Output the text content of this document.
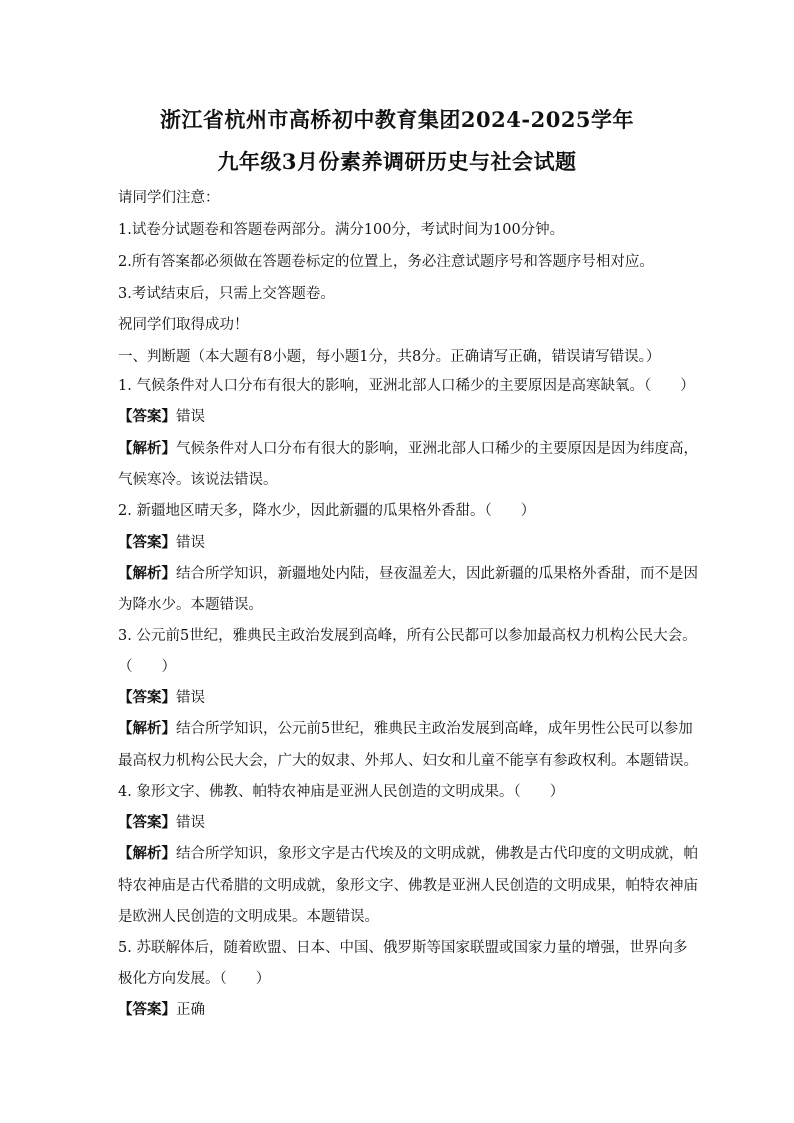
浙江省杭州市高桥初中教育集团2024-2025学年
九年级3月份素养调研历史与社会试题
请同学们注意：
1.试卷分试题卷和答题卷两部分。满分100分，考试时间为100分钟。
2.所有答案都必须做在答题卷标定的位置上，务必注意试题序号和答题序号相对应。
3.考试结束后，只需上交答题卷。
祝同学们取得成功！
一、判断题（本大题有8小题，每小题1分，共8分。正确请写正确，错误请写错误。）
1. 气候条件对人口分布有很大的影响，亚洲北部人口稀少的主要原因是高寒缺氧。（　　）
【答案】错误
【解析】气候条件对人口分布有很大的影响，亚洲北部人口稀少的主要原因是因为纬度高，
气候寒冷。该说法错误。
2. 新疆地区晴天多，降水少，因此新疆的瓜果格外香甜。（　　）
【答案】错误
【解析】结合所学知识，新疆地处内陆，昼夜温差大，因此新疆的瓜果格外香甜，而不是因
为降水少。本题错误。
3. 公元前5世纪，雅典民主政治发展到高峰，所有公民都可以参加最高权力机构公民大会。
（　　）
【答案】错误
【解析】结合所学知识，公元前5世纪，雅典民主政治发展到高峰，成年男性公民可以参加
最高权力机构公民大会，广大的奴隶、外邦人、妇女和儿童不能享有参政权利。本题错误。
4. 象形文字、佛教、帕特农神庙是亚洲人民创造的文明成果。（　　）
【答案】错误
【解析】结合所学知识，象形文字是古代埃及的文明成就，佛教是古代印度的文明成就，帕
特农神庙是古代希腊的文明成就，象形文字、佛教是亚洲人民创造的文明成果，帕特农神庙
是欧洲人民创造的文明成果。本题错误。
5. 苏联解体后，随着欧盟、日本、中国、俄罗斯等国家联盟或国家力量的增强，世界向多
极化方向发展。（　　）
【答案】正确
